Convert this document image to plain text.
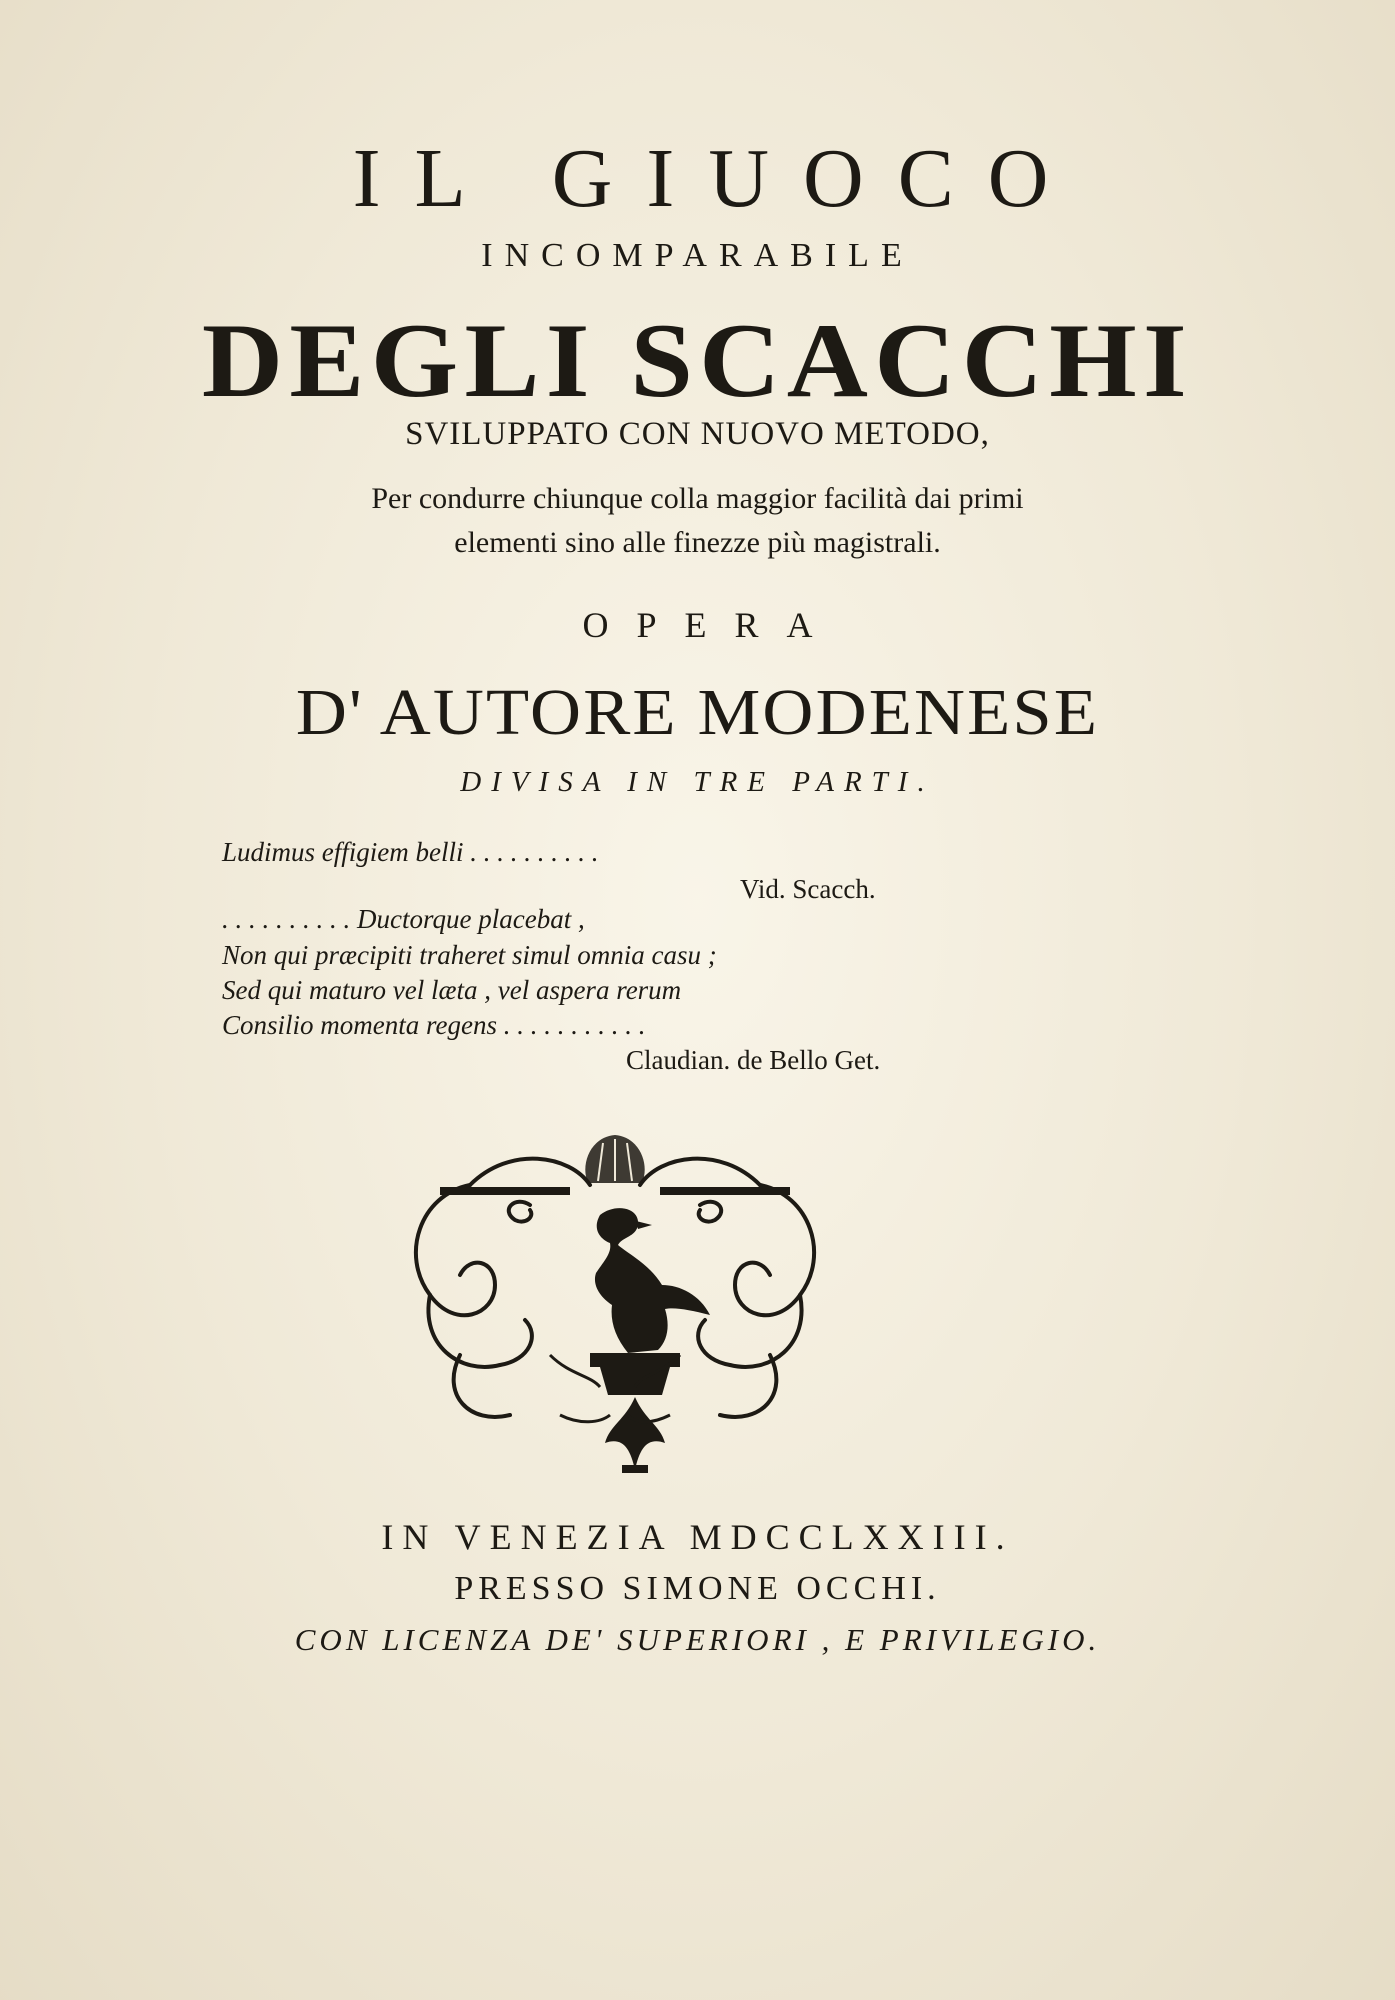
IL GIUOCO
INCOMPARABILE
DEGLI SCACCHI
SVILUPPATO CON NUOVO METODO,
Per condurre chiunque colla maggior facilità dai primi
elementi sino alle finezze più magistrali.
OPERA
D' AUTORE MODENESE
DIVISA IN TRE PARTI.
Ludimus effigiem belli . . . . . . . . . .
Vid. Scacch.
. . . . . . . . . . Ductorque placebat ,
Non qui præcipiti traheret simul omnia casu ;
Sed qui maturo vel læta , vel aspera rerum
Consilio momenta regens . . . . . . . . . . .
Claudian. de Bello Get.
IN VENEZIA MDCCLXXIII.
PRESSO SIMONE OCCHI.
CON LICENZA DE' SUPERIORI , E PRIVILEGIO.
